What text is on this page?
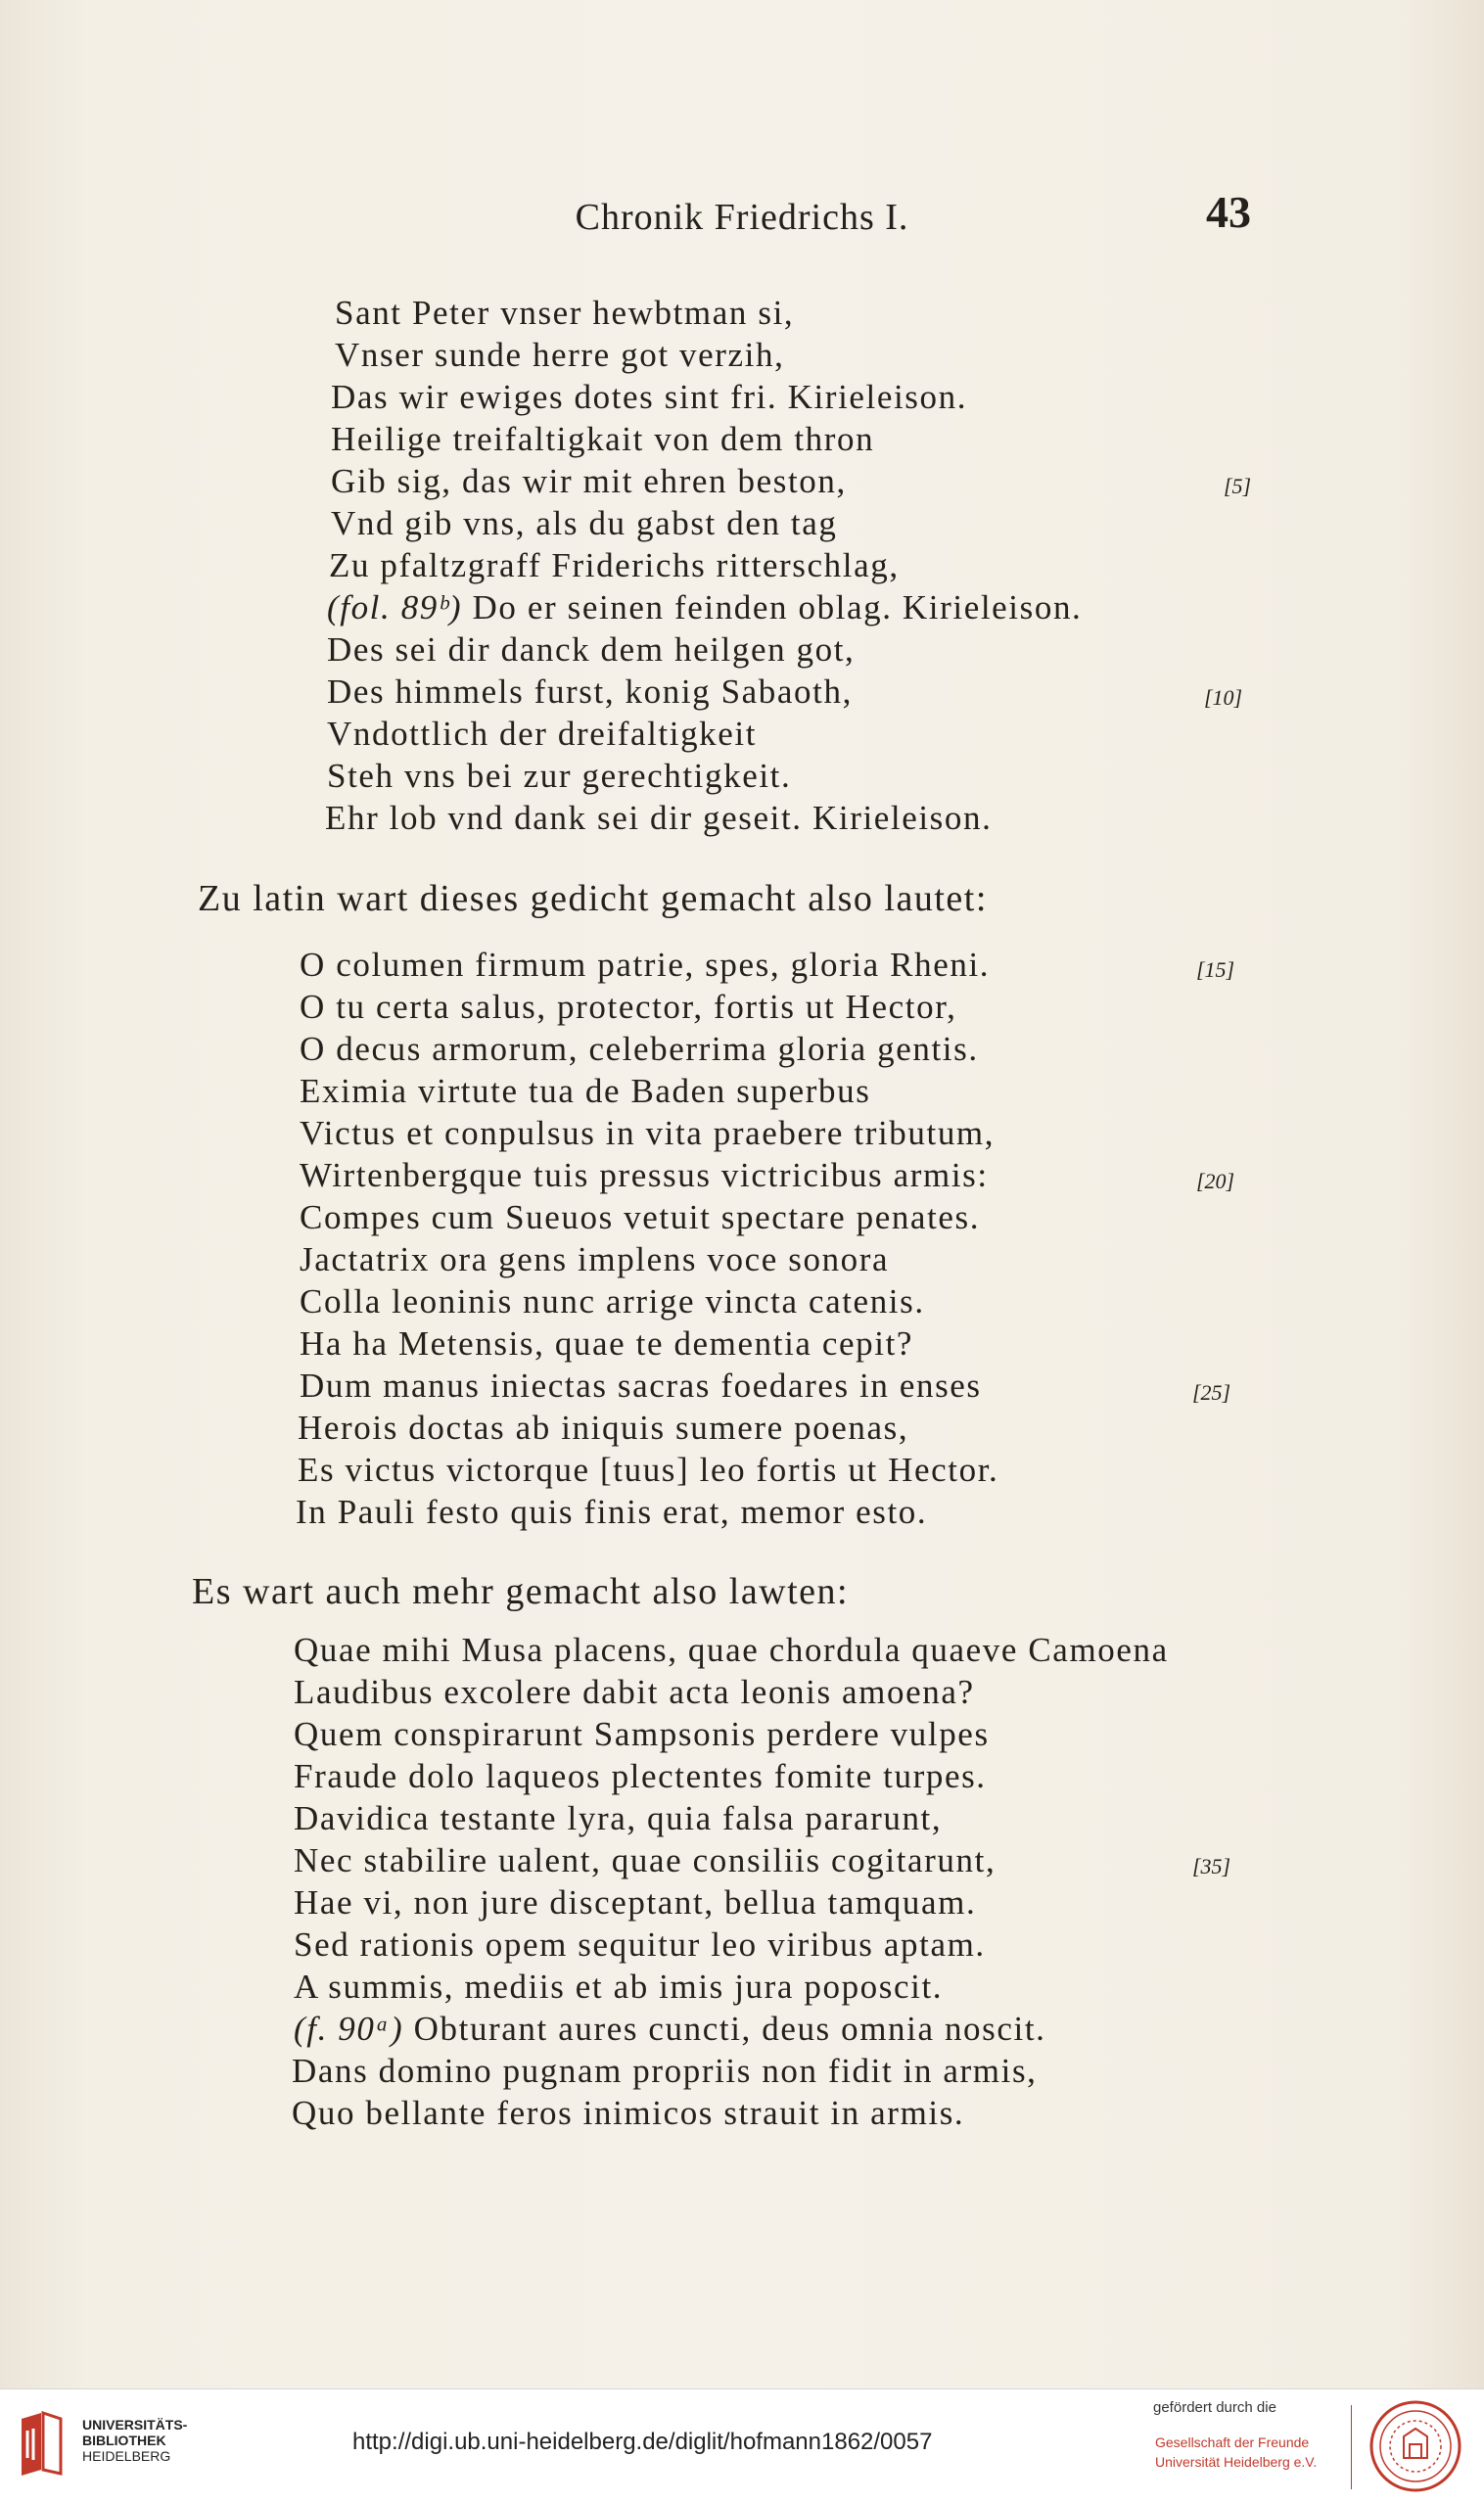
Chronik Friedrichs I.	43
Sant Peter vnser hewbtman si,
Vnser sunde herre got verzih,
Das wir ewiges dotes sint fri. Kirieleison.
Heilige treifaltigkait von dem thron
Gib sig, das wir mit ehren beston,	[5]
Vnd gib vns, als du gabst den tag
Zu pfaltzgraff Friderichs ritterschlag,
(fol. 89ᵇ) Do er seinen feinden oblag. Kirieleison.
Des sei dir danck dem heilgen got,
Des himmels furst, konig Sabaoth,	[10]
Vndottlich der dreifaltigkeit
Steh vns bei zur gerechtigkeit.
Ehr lob vnd dank sei dir geseit. Kirieleison.
Zu latin wart dieses gedicht gemacht also lautet:
O columen firmum patrie, spes, gloria Rheni.	[15]
O tu certa salus, protector, fortis ut Hector,
O decus armorum, celeberrima gloria gentis.
Eximia virtute tua de Baden superbus
Victus et conpulsus in vita praebere tributum,
Wirtenbergque tuis pressus victricibus armis:	[20]
Compes cum Sueuos vetuit spectare penates.
Jactatrix ora gens implens voce sonora
Colla leoninis nunc arrige vincta catenis.
Ha ha Metensis, quae te dementia cepit?
Dum manus iniectas sacras foedares in enses	[25]
Herois doctas ab iniquis sumere poenas,
Es victus victorque [tuus] leo fortis ut Hector.
In Pauli festo quis finis erat, memor esto.
Es wart auch mehr gemacht also lawten:
Quae mihi Musa placens, quae chordula quaeve Camoena
Laudibus excolere dabit acta leonis amoena?
Quem conspirarunt Sampsonis perdere vulpes
Fraude dolo laqueos plectentes fomite turpes.
Davidica testante lyra, quia falsa pararunt,
Nec stabilire ualent, quae consiliis cogitarunt,	[35]
Hae vi, non jure disceptant, bellua tamquam.
Sed rationis opem sequitur leo viribus aptam.
A summis, mediis et ab imis jura poposcit.
(f. 90ᵃ) Obturant aures cuncti, deus omnia noscit.
Dans domino pugnam propriis non fidit in armis,
Quo bellante feros inimicos strauit in armis.
UNIVERSITÄTS-
BIBLIOTHEK
HEIDELBERG
http://digi.ub.uni-heidelberg.de/diglit/hofmann1862/0057
gefördert durch die
Gesellschaft der Freunde
Universität Heidelberg e.V.
